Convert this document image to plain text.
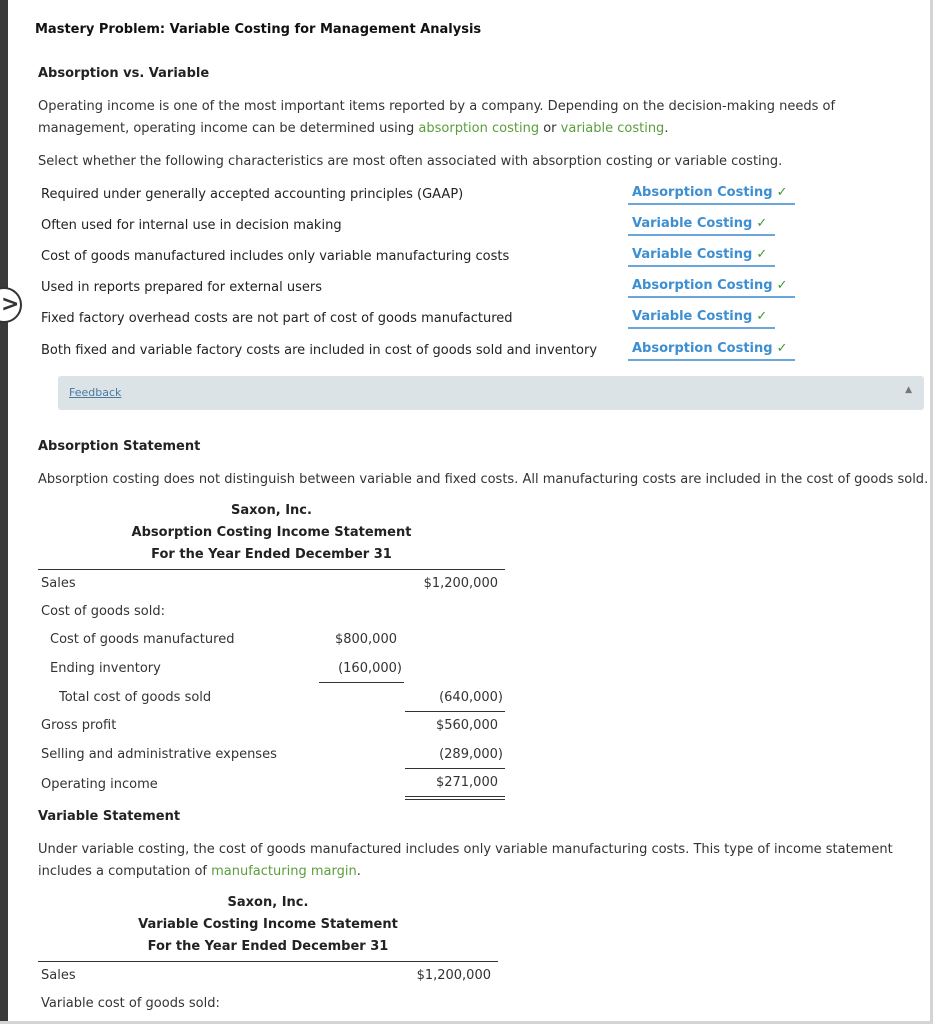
>
Mastery Problem: Variable Costing for Management Analysis
Absorption vs. Variable
Operating income is one of the most important items reported by a company. Depending on the decision-making needs of management, operating income can be determined using absorption costing or variable costing.
Select whether the following characteristics are most often associated with absorption costing or variable costing.
Required under generally accepted accounting principles (GAAP)	Absorption Costing ✓
Often used for internal use in decision making	Variable Costing ✓
Cost of goods manufactured includes only variable manufacturing costs	Variable Costing ✓
Used in reports prepared for external users	Absorption Costing ✓
Fixed factory overhead costs are not part of cost of goods manufactured	Variable Costing ✓
Both fixed and variable factory costs are included in cost of goods sold and inventory	Absorption Costing ✓
Feedback	▲
Absorption Statement
Absorption costing does not distinguish between variable and fixed costs. All manufacturing costs are included in the cost of goods sold.
Saxon, Inc.
Absorption Costing Income Statement
For the Year Ended December 31
Sales	$1,200,000
Cost of goods sold:
Cost of goods manufactured	$800,000
Ending inventory	(160,000)
Total cost of goods sold	(640,000)
Gross profit	$560,000
Selling and administrative expenses	(289,000)
Operating income	$271,000
Variable Statement
Under variable costing, the cost of goods manufactured includes only variable manufacturing costs. This type of income statement includes a computation of manufacturing margin.
Saxon, Inc.
Variable Costing Income Statement
For the Year Ended December 31
Sales	$1,200,000
Variable cost of goods sold:
